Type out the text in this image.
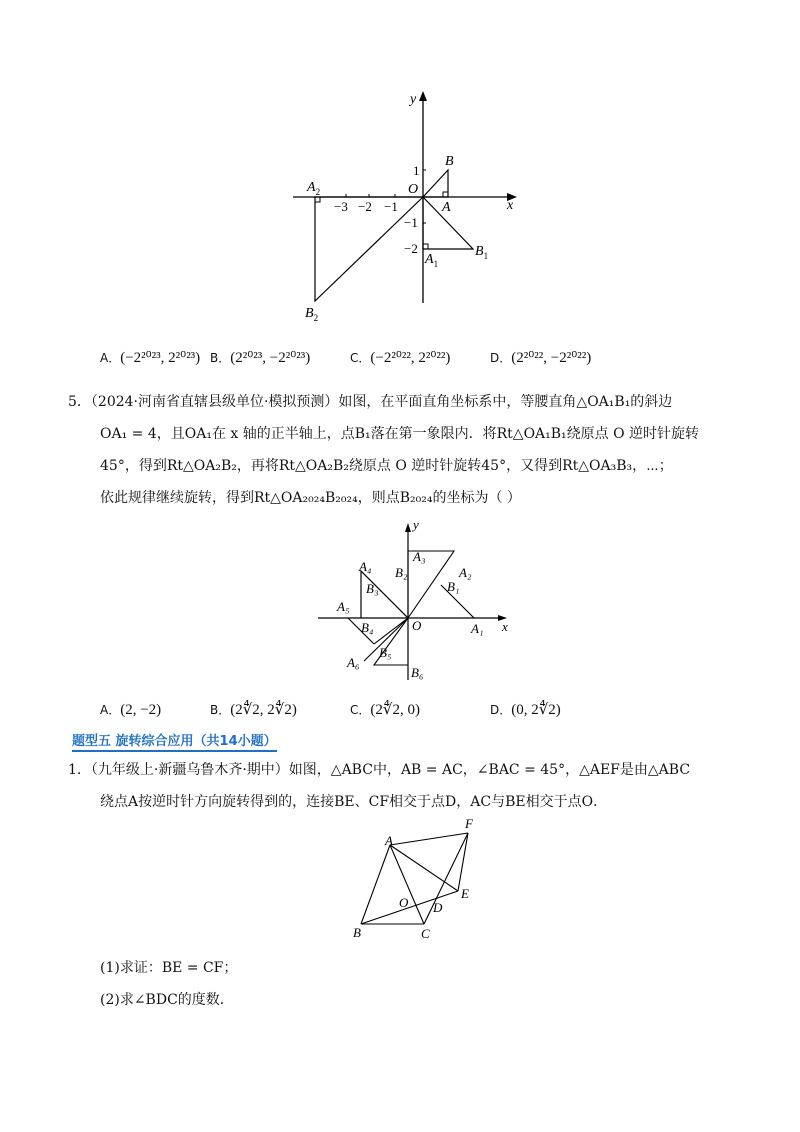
x
y
O
−3 −2 −1
1
−1
−2
B
A
$A_1$
$B_1$
$A_2$
$B_2$
A．(−2²⁰²³, 2²⁰²³) B．(2²⁰²³, −2²⁰²³)	C．(−2²⁰²², 2²⁰²²)	D．(2²⁰²², −2²⁰²²)
5．（2024·河南省直辖县级单位·模拟预测）如图，在平面直角坐标系中，等腰直角△OA₁B₁的斜边
OA₁ = 4，且OA₁在 x 轴的正半轴上，点B₁落在第一象限内．将Rt△OA₁B₁绕原点 O 逆时针旋转
45°，得到Rt△OA₂B₂，再将Rt△OA₂B₂绕原点 O 逆时针旋转45°，又得到Rt△OA₃B₃，⋯；
依此规律继续旋转，得到Rt△OA₂₀₂₄B₂₀₂₄，则点B₂₀₂₄的坐标为（ ）
x
y
O	A₁
B₁
A₂
B₂
A₃
B₃
A₄
B₄
A₅
B₅
A₆
B₆
A．(2, −2)	B．(2∜2, 2∜2)	C．(2∜2, 0)	D．(0, 2∜2)
题型五 旋转综合应用（共14小题）
1．（九年级上·新疆乌鲁木齐·期中）如图，△ABC中，AB = AC，∠BAC = 45°，△AEF是由△ABC
绕点A按逆时针方向旋转得到的，连接BE、CF相交于点D，AC与BE相交于点O．
A
F
E
O D
B	C
(1)求证：BE = CF；
(2)求∠BDC的度数．
